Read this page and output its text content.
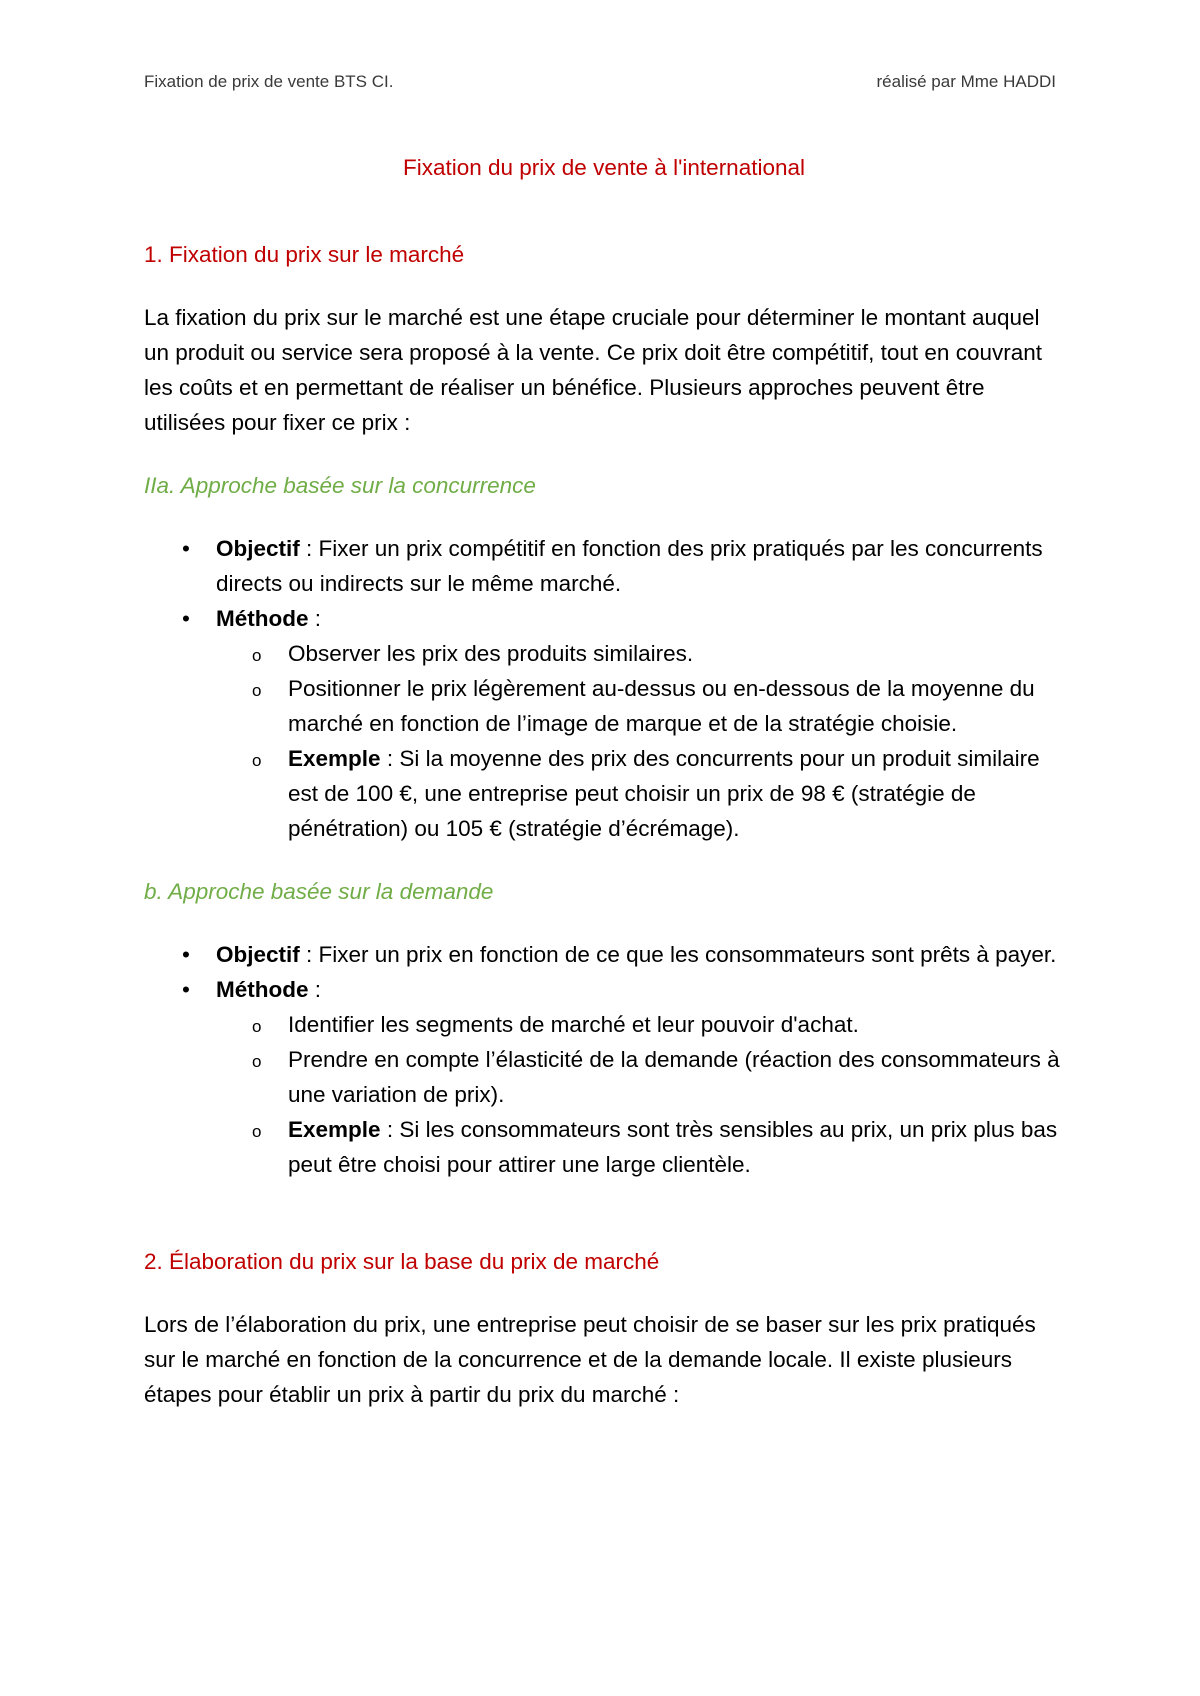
Fixation de prix de vente BTS CI.	réalisé par Mme HADDI
Fixation du prix de vente à l'international
1. Fixation du prix sur le marché

La fixation du prix sur le marché est une étape cruciale pour déterminer le montant auquel un produit ou service sera proposé à la vente. Ce prix doit être compétitif, tout en couvrant les coûts et en permettant de réaliser un bénéfice. Plusieurs approches peuvent être utilisées pour fixer ce prix :

IIa. Approche basée sur la concurrence
• Objectif : Fixer un prix compétitif en fonction des prix pratiqués par les concurrents directs ou indirects sur le même marché.
• Méthode :
o Observer les prix des produits similaires.
o Positionner le prix légèrement au-dessus ou en-dessous de la moyenne du marché en fonction de l’image de marque et de la stratégie choisie.
o Exemple : Si la moyenne des prix des concurrents pour un produit similaire est de 100 €, une entreprise peut choisir un prix de 98 € (stratégie de pénétration) ou 105 € (stratégie d’écrémage).
b. Approche basée sur la demande
• Objectif : Fixer un prix en fonction de ce que les consommateurs sont prêts à payer.
• Méthode :
o Identifier les segments de marché et leur pouvoir d'achat.
o Prendre en compte l’élasticité de la demande (réaction des consommateurs à une variation de prix).
o Exemple : Si les consommateurs sont très sensibles au prix, un prix plus bas peut être choisi pour attirer une large clientèle.
2. Élaboration du prix sur la base du prix de marché

Lors de l’élaboration du prix, une entreprise peut choisir de se baser sur les prix pratiqués sur le marché en fonction de la concurrence et de la demande locale. Il existe plusieurs étapes pour établir un prix à partir du prix du marché :
